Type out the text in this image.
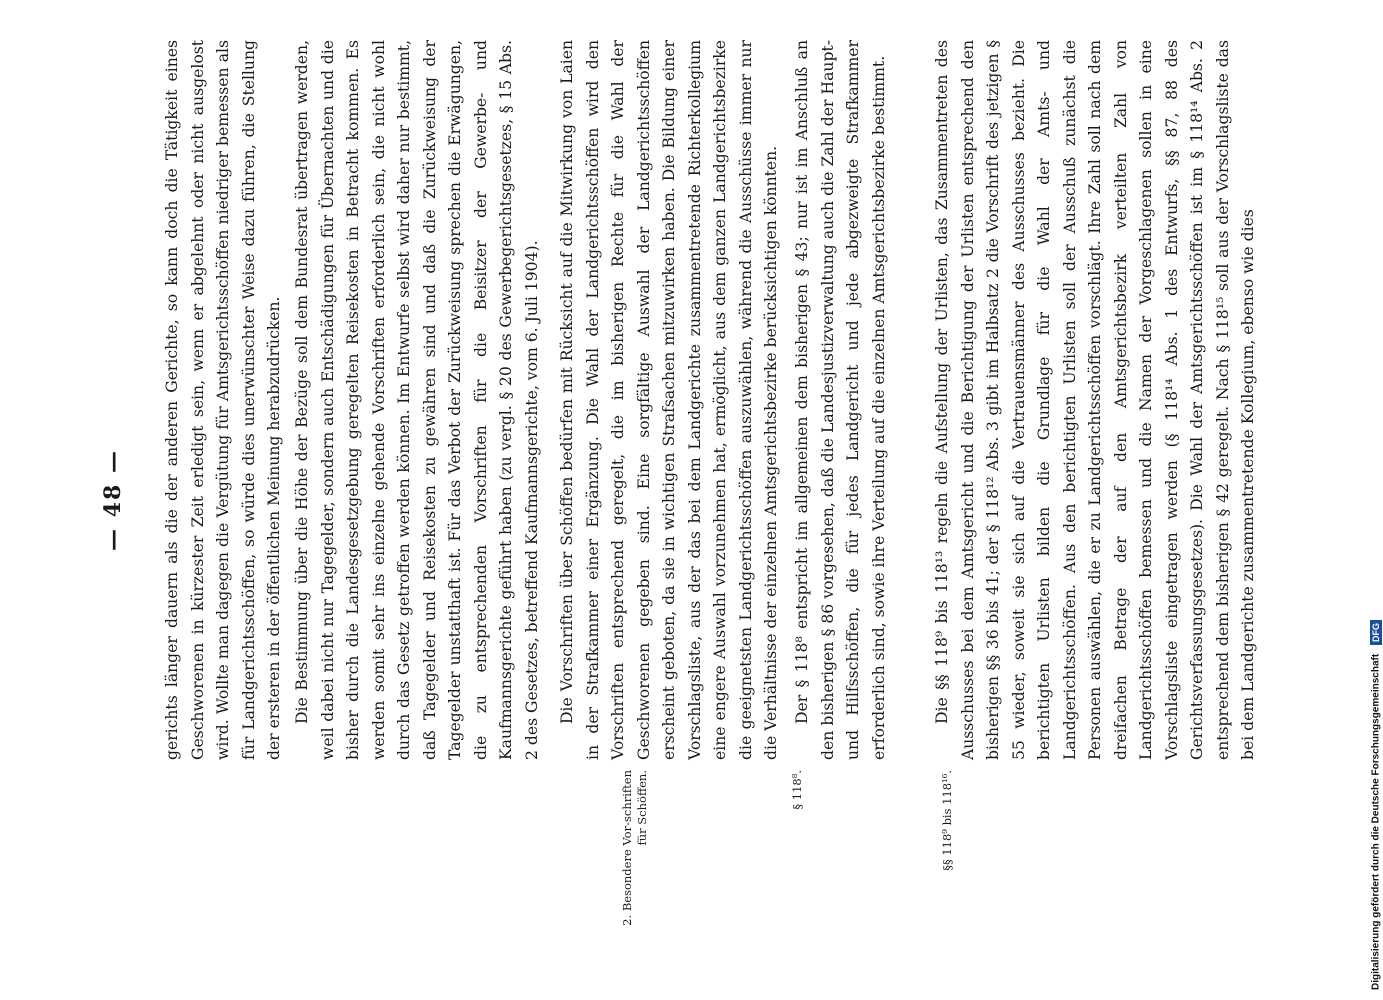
— 48 —
2. Besondere Vor-schriften für Schöffen.	§ 118⁸.	§§ 118⁹ bis 118¹⁶.
gerichts länger dauern als die der anderen Gerichte, so kann doch die Tätigkeit eines Geschworenen in kürzester Zeit erledigt sein, wenn er abgelehnt oder nicht ausgelost wird. Wollte man dagegen die Vergütung für Amtsgerichtsschöffen niedriger bemessen als für Landgerichtsschöffen, so würde dies unerwünschter Weise dazu führen, die Stellung der ersteren in der öffentlichen Meinung herabzudrücken. Die Bestimmung über die Höhe der Bezüge soll dem Bundesrat übertragen werden, weil dabei nicht nur Tagegelder, sondern auch Entschädigungen für Übernachten und die bisher durch die Landesgesetzgebung geregelten Reisekosten in Betracht kommen. Es werden somit sehr ins einzelne gehende Vorschriften erforderlich sein, die nicht wohl durch das Gesetz getroffen werden können. Im Entwurfe selbst wird daher nur bestimmt, daß Tagegelder und Reisekosten zu gewähren sind und daß die Zurückweisung der Tagegelder unstatthaft ist. Für das Verbot der Zurückweisung sprechen die Erwägungen, die zu entsprechenden Vorschriften für die Beisitzer der Gewerbe- und Kaufmannsgerichte geführt haben (zu vergl. § 20 des Gewerbegerichtsgesetzes, § 15 Abs. 2 des Gesetzes, betreffend Kaufmannsgerichte, vom 6. Juli 1904). Die Vorschriften über Schöffen bedürfen mit Rücksicht auf die Mitwirkung von Laien in der Strafkammer einer Ergänzung. Die Wahl der Landgerichtsschöffen wird den Vorschriften entsprechend geregelt, die im bisherigen Rechte für die Wahl der Geschworenen gegeben sind. Eine sorgfältige Auswahl der Landgerichtsschöffen erscheint geboten, da sie in wichtigen Strafsachen mitzuwirken haben. Die Bildung einer Vorschlagsliste, aus der das bei dem Landgerichte zusammentretende Richterkollegium eine engere Auswahl vorzunehmen hat, ermöglicht, aus dem ganzen Landgerichtsbezirke die geeignetsten Landgerichtsschöffen auszuwählen, während die Ausschüsse immer nur die Verhältnisse der einzelnen Amtsgerichtsbezirke berücksichtigen könnten. Der § 118⁸ entspricht im allgemeinen dem bisherigen § 43; nur ist im Anschluß an den bisherigen § 86 vorgesehen, daß die Landesjustizverwaltung auch die Zahl der Haupt- und Hilfsschöffen, die für jedes Landgericht und jede abgezweigte Strafkammer erforderlich sind, sowie ihre Verteilung auf die einzelnen Amtsgerichtsbezirke bestimmt.	Die §§ 118⁹ bis 118¹³ regeln die Aufstellung der Urlisten, das Zusammentreten des Ausschusses bei dem Amtsgericht und die Berichtigung der Urlisten entsprechend den bisherigen §§ 36 bis 41; der § 118¹² Abs. 3 gibt im Halbsatz 2 die Vorschrift des jetzigen § 55 wieder, soweit sie sich auf die Vertrauensmänner des Ausschusses bezieht. Die berichtigten Urlisten bilden die Grundlage für die Wahl der Amts- und Landgerichtsschöffen. Aus den berichtigten Urlisten soll der Ausschuß zunächst die Personen auswählen, die er zu Landgerichtsschöffen vorschlägt. Ihre Zahl soll nach dem dreifachen Betrage der auf den Amtsgerichtsbezirk verteilten Zahl von Landgerichtsschöffen bemessen und die Namen der Vorgeschlagenen sollen in eine Vorschlagsliste eingetragen werden (§ 118¹⁴ Abs. 1 des Entwurfs, §§ 87, 88 des Gerichtsverfassungsgesetzes). Die Wahl der Amtsgerichtsschöffen ist im § 118¹⁴ Abs. 2 entsprechend dem bisherigen § 42 geregelt. Nach § 118¹⁵ soll aus der Vorschlagsliste das bei dem Landgerichte zusammentretende Kollegium, ebenso wie dies
Digitalisierung gefördert durch die Deutsche Forschungsgemeinschaft DFG
